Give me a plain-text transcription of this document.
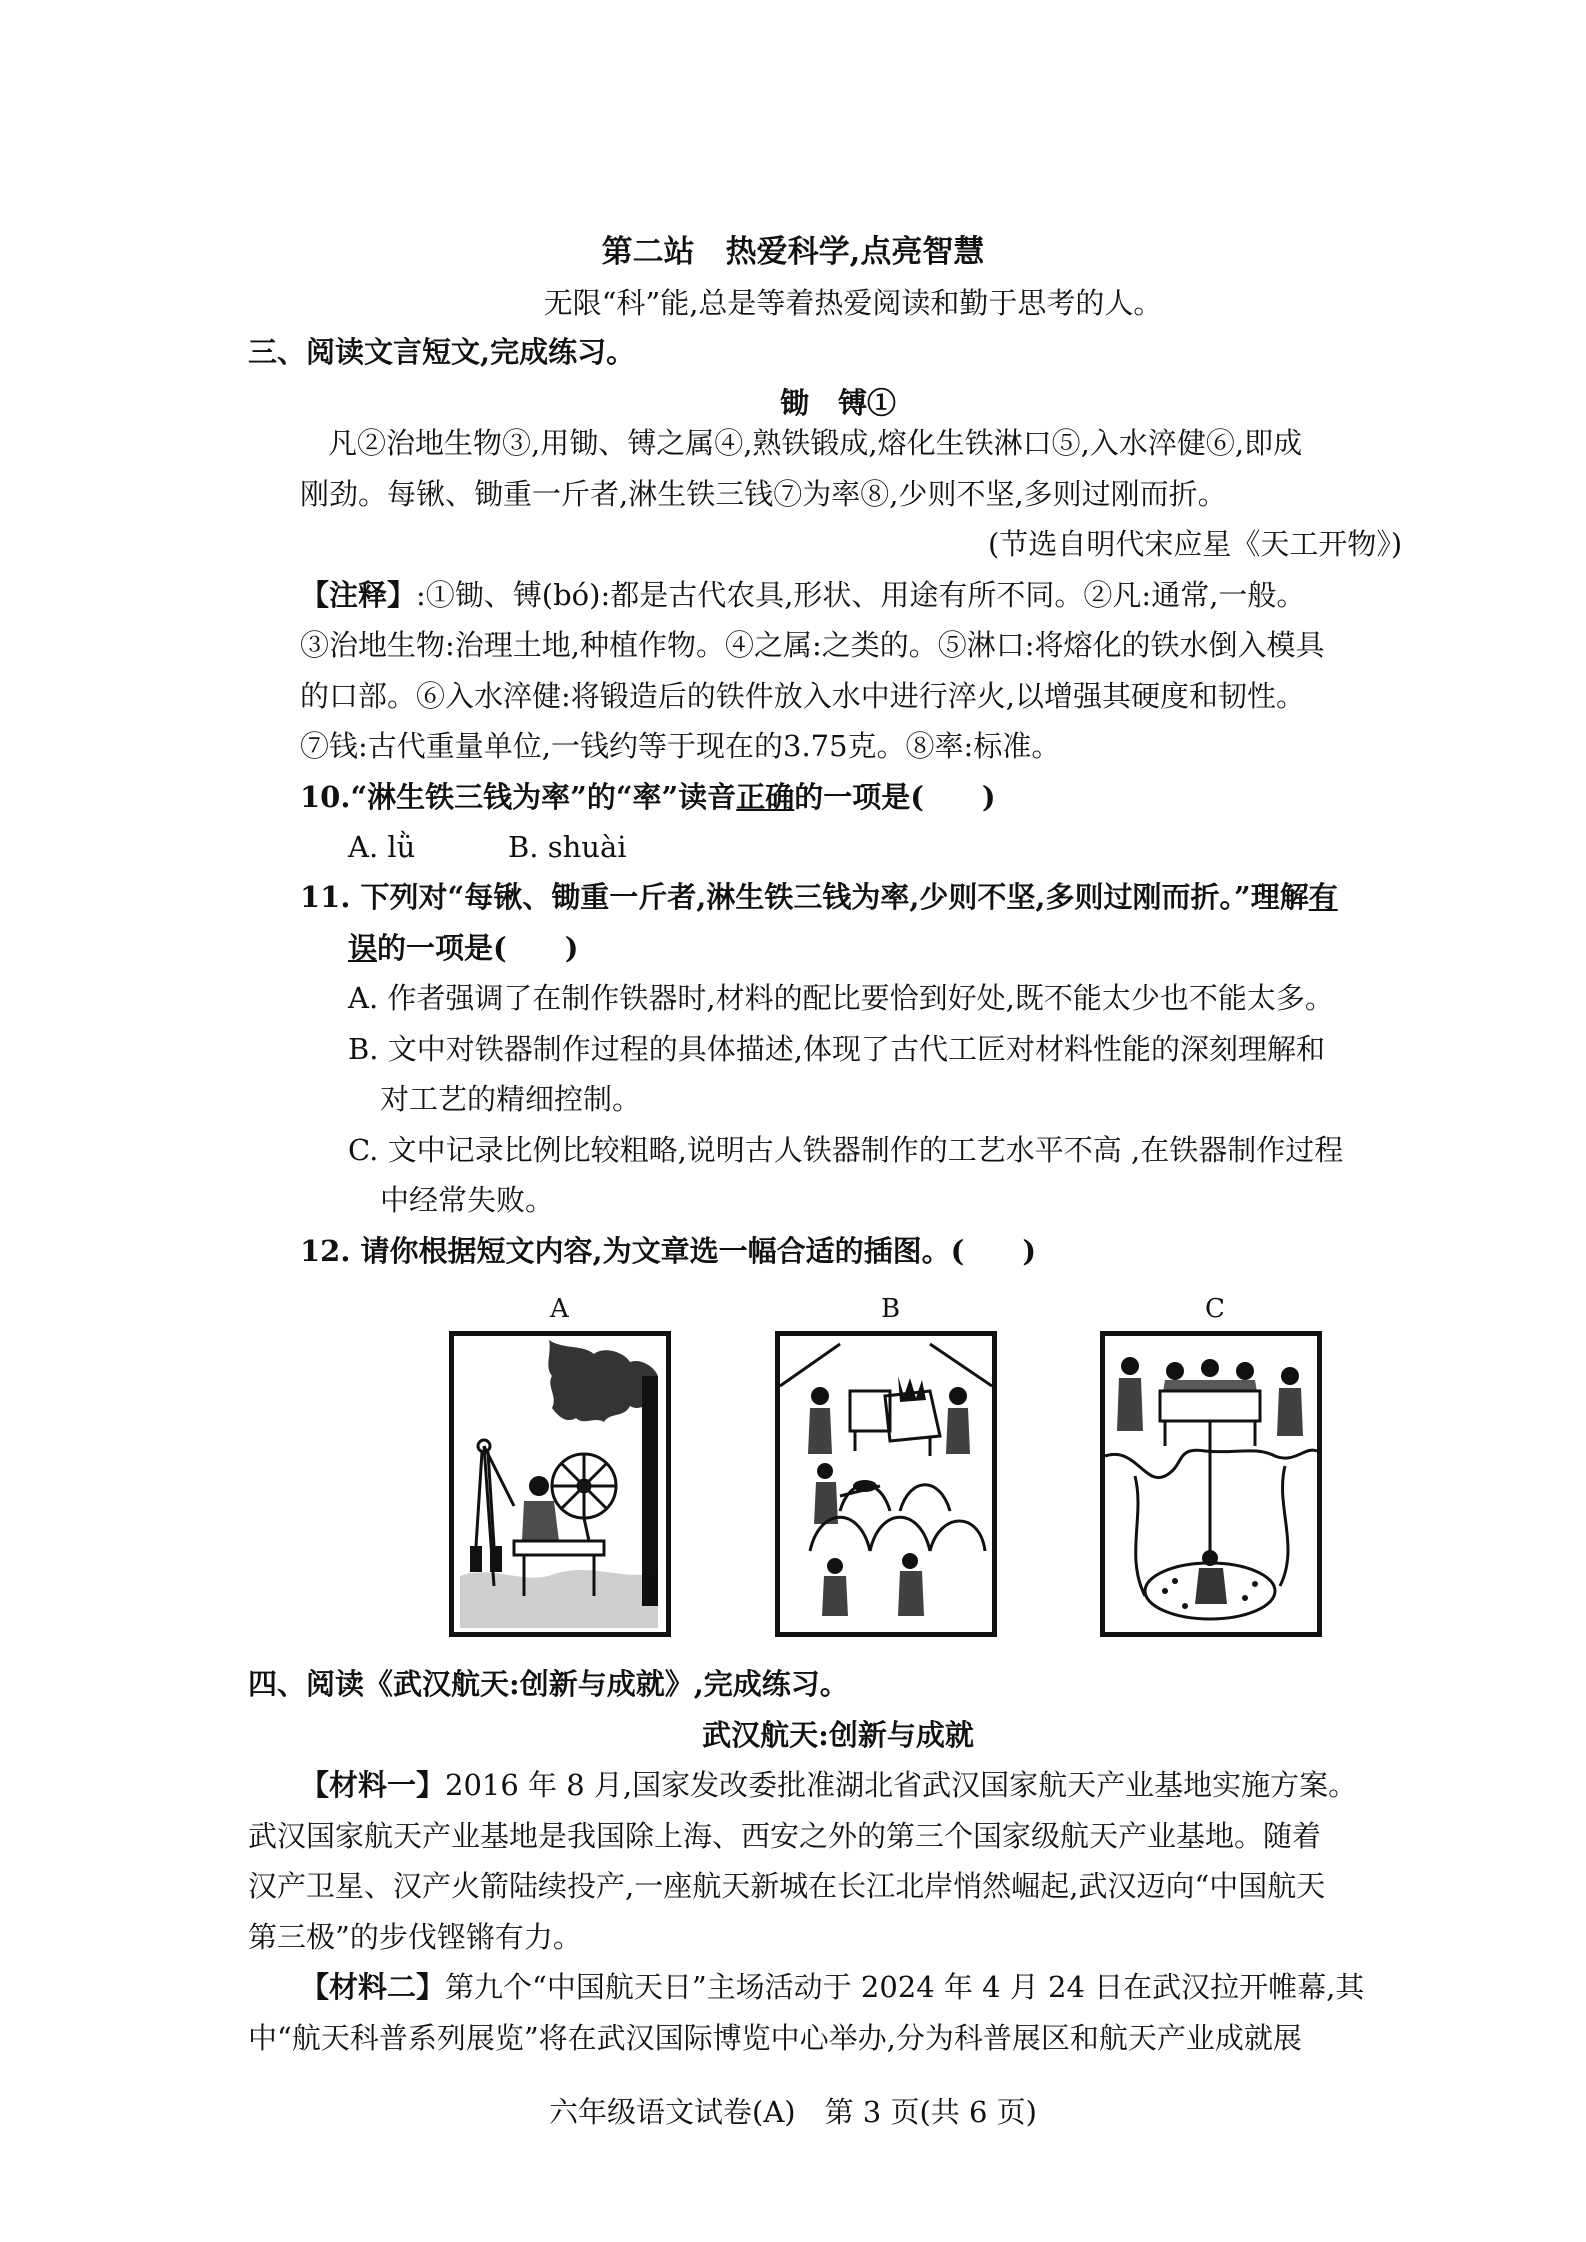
第二站　热爱科学,点亮智慧
无限“科”能,总是等着热爱阅读和勤于思考的人。
三、阅读文言短文,完成练习。
锄　镈①
凡②治地生物③,用锄、镈之属④,熟铁锻成,熔化生铁淋口⑤,入水淬健⑥,即成
刚劲。每锹、锄重一斤者,淋生铁三钱⑦为率⑧,少则不坚,多则过刚而折。
(节选自明代宋应星《天工开物》)
【注释】:①锄、镈(bó):都是古代农具,形状、用途有所不同。②凡:通常,一般。
③治地生物:治理土地,种植作物。④之属:之类的。⑤淋口:将熔化的铁水倒入模具
的口部。⑥入水淬健:将锻造后的铁件放入水中进行淬火,以增强其硬度和韧性。
⑦钱:古代重量单位,一钱约等于现在的3.75克。⑧率:标准。
10.“淋生铁三钱为率”的“率”读音正确的一项是(　　)
A. lǜ	B. shuài
11. 下列对“每锹、锄重一斤者,淋生铁三钱为率,少则不坚,多则过刚而折。”理解有
误的一项是(　　)
A. 作者强调了在制作铁器时,材料的配比要恰到好处,既不能太少也不能太多。
B. 文中对铁器制作过程的具体描述,体现了古代工匠对材料性能的深刻理解和
对工艺的精细控制。
C. 文中记录比例比较粗略,说明古人铁器制作的工艺水平不高 ,在铁器制作过程
中经常失败。
12. 请你根据短文内容,为文章选一幅合适的插图。(　　)
A	B	C
四、阅读《武汉航天:创新与成就》,完成练习。
武汉航天:创新与成就
【材料一】2016 年 8 月,国家发改委批准湖北省武汉国家航天产业基地实施方案。
武汉国家航天产业基地是我国除上海、西安之外的第三个国家级航天产业基地。随着
汉产卫星、汉产火箭陆续投产,一座航天新城在长江北岸悄然崛起,武汉迈向“中国航天
第三极”的步伐铿锵有力。
【材料二】第九个“中国航天日”主场活动于 2024 年 4 月 24 日在武汉拉开帷幕,其
中“航天科普系列展览”将在武汉国际博览中心举办,分为科普展区和航天产业成就展
六年级语文试卷(A)　第 3 页(共 6 页)
